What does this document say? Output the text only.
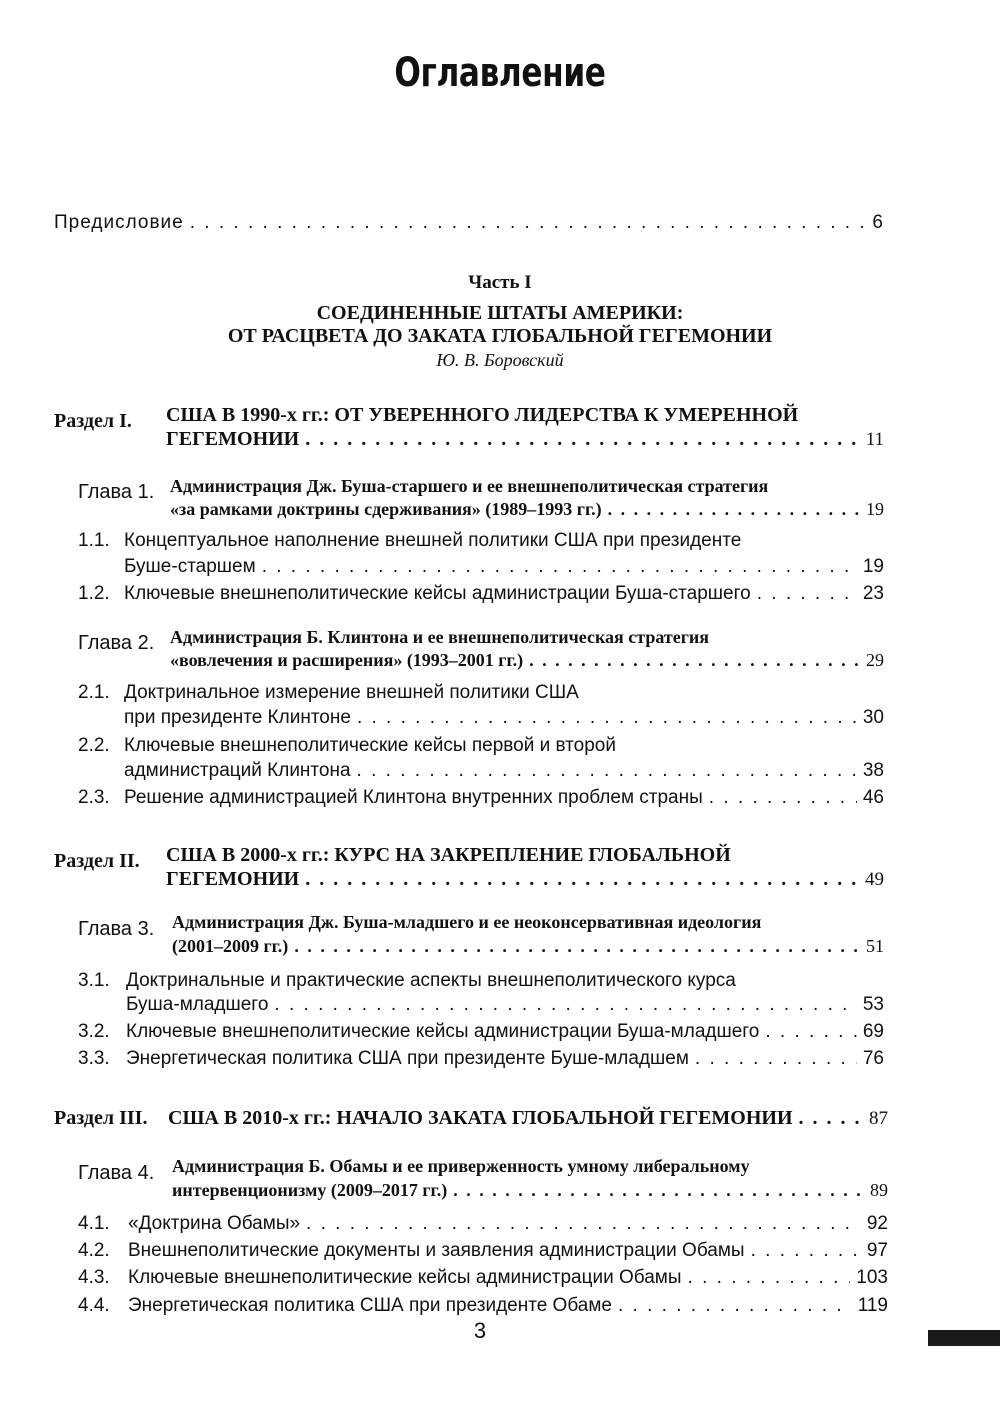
Оглавление
Предисловие . . .	6
Часть I
СОЕДИНЕННЫЕ ШТАТЫ АМЕРИКИ:
ОТ РАСЦВЕТА ДО ЗАКАТА ГЛОБАЛЬНОЙ ГЕГЕМОНИИ
Ю. В. Боровский
Раздел I. США В 1990-х гг.: ОТ УВЕРЕННОГО ЛИДЕРСТВА К УМЕРЕННОЙ
ГЕГЕМОНИИ . . .	11
Глава 1. Администрация Дж. Буша-старшего и ее внешнеполитическая стратегия
«за рамками доктрины сдерживания» (1989–1993 гг.) . . .	19
1.1. Концептуальное наполнение внешней политики США при президенте
Буше-старшем . . .	19
1.2. Ключевые внешнеполитические кейсы администрации Буша-старшего . . .	23
Глава 2. Администрация Б. Клинтона и ее внешнеполитическая стратегия
«вовлечения и расширения» (1993–2001 гг.) . . .	29
2.1. Доктринальное измерение внешней политики США
при президенте Клинтоне . . .	30
2.2. Ключевые внешнеполитические кейсы первой и второй
администраций Клинтона . . .	38
2.3. Решение администрацией Клинтона внутренних проблем страны . . .	46
Раздел II. США В 2000-х гг.: КУРС НА ЗАКРЕПЛЕНИЕ ГЛОБАЛЬНОЙ
ГЕГЕМОНИИ . . .	49
Глава 3. Администрация Дж. Буша-младшего и ее неоконсервативная идеология
(2001–2009 гг.) . . .	51
3.1. Доктринальные и практические аспекты внешнеполитического курса
Буша-младшего . . .	53
3.2. Ключевые внешнеполитические кейсы администрации Буша-младшего . . .	69
3.3. Энергетическая политика США при президенте Буше-младшем . . .	76
Раздел III.	США В 2010-х гг.: НАЧАЛО ЗАКАТА ГЛОБАЛЬНОЙ ГЕГЕМОНИИ . . .	87
Глава 4. Администрация Б. Обамы и ее приверженность умному либеральному
интервенционизму (2009–2017 гг.) . . .	89
4.1. «Доктрина Обамы» . . .	92
4.2. Внешнеполитические документы и заявления администрации Обамы . . .	97
4.3. Ключевые внешнеполитические кейсы администрации Обамы . . .	103
4.4. Энергетическая политика США при президенте Обаме . . .	119
3
